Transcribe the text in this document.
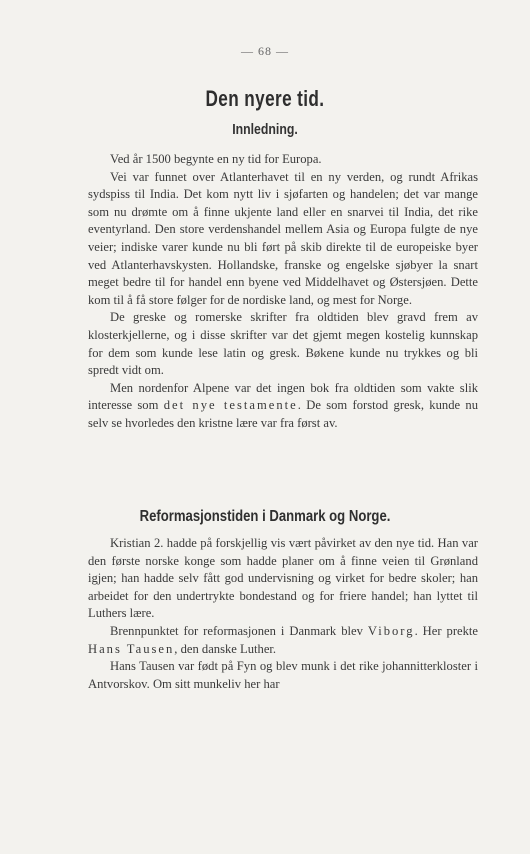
— 68 —
Den nyere tid.
Innledning.

Ved år 1500 begynte en ny tid for Europa.

Vei var funnet over Atlanterhavet til en ny verden, og rundt Afrikas sydspiss til India. Det kom nytt liv i sjøfarten og handelen; det var mange som nu drømte om å finne ukjente land eller en snarvei til India, det rike eventyrland. Den store verdenshandel mellem Asia og Europa fulgte de nye veier; indiske varer kunde nu bli ført på skib direkte til de europeiske byer ved Atlanterhavskysten. Hollandske, franske og engelske sjøbyer la snart meget bedre til for handel enn byene ved Middelhavet og Østersjøen. Dette kom til å få store følger for de nordiske land, og mest for Norge.

De greske og romerske skrifter fra oldtiden blev gravd frem av klosterkjellerne, og i disse skrifter var det gjemt megen kostelig kunnskap for dem som kunde lese latin og gresk. Bøkene kunde nu trykkes og bli spredt vidt om.

Men nordenfor Alpene var det ingen bok fra oldtiden som vakte slik interesse som det nye testamente. De som forstod gresk, kunde nu selv se hvorledes den kristne lære var fra først av.

Reformasjonstiden i Danmark og Norge.

Kristian 2. hadde på forskjellig vis vært påvirket av den nye tid. Han var den første norske konge som hadde planer om å finne veien til Grønland igjen; han hadde selv fått god undervisning og virket for bedre skoler; han arbeidet for den undertrykte bondestand og for friere handel; han lyttet til Luthers lære.

Brennpunktet for reformasjonen i Danmark blev Viborg. Her prekte Hans Tausen, den danske Luther.

Hans Tausen var født på Fyn og blev munk i det rike johannitterkloster i Antvorskov. Om sitt munkeliv her har
